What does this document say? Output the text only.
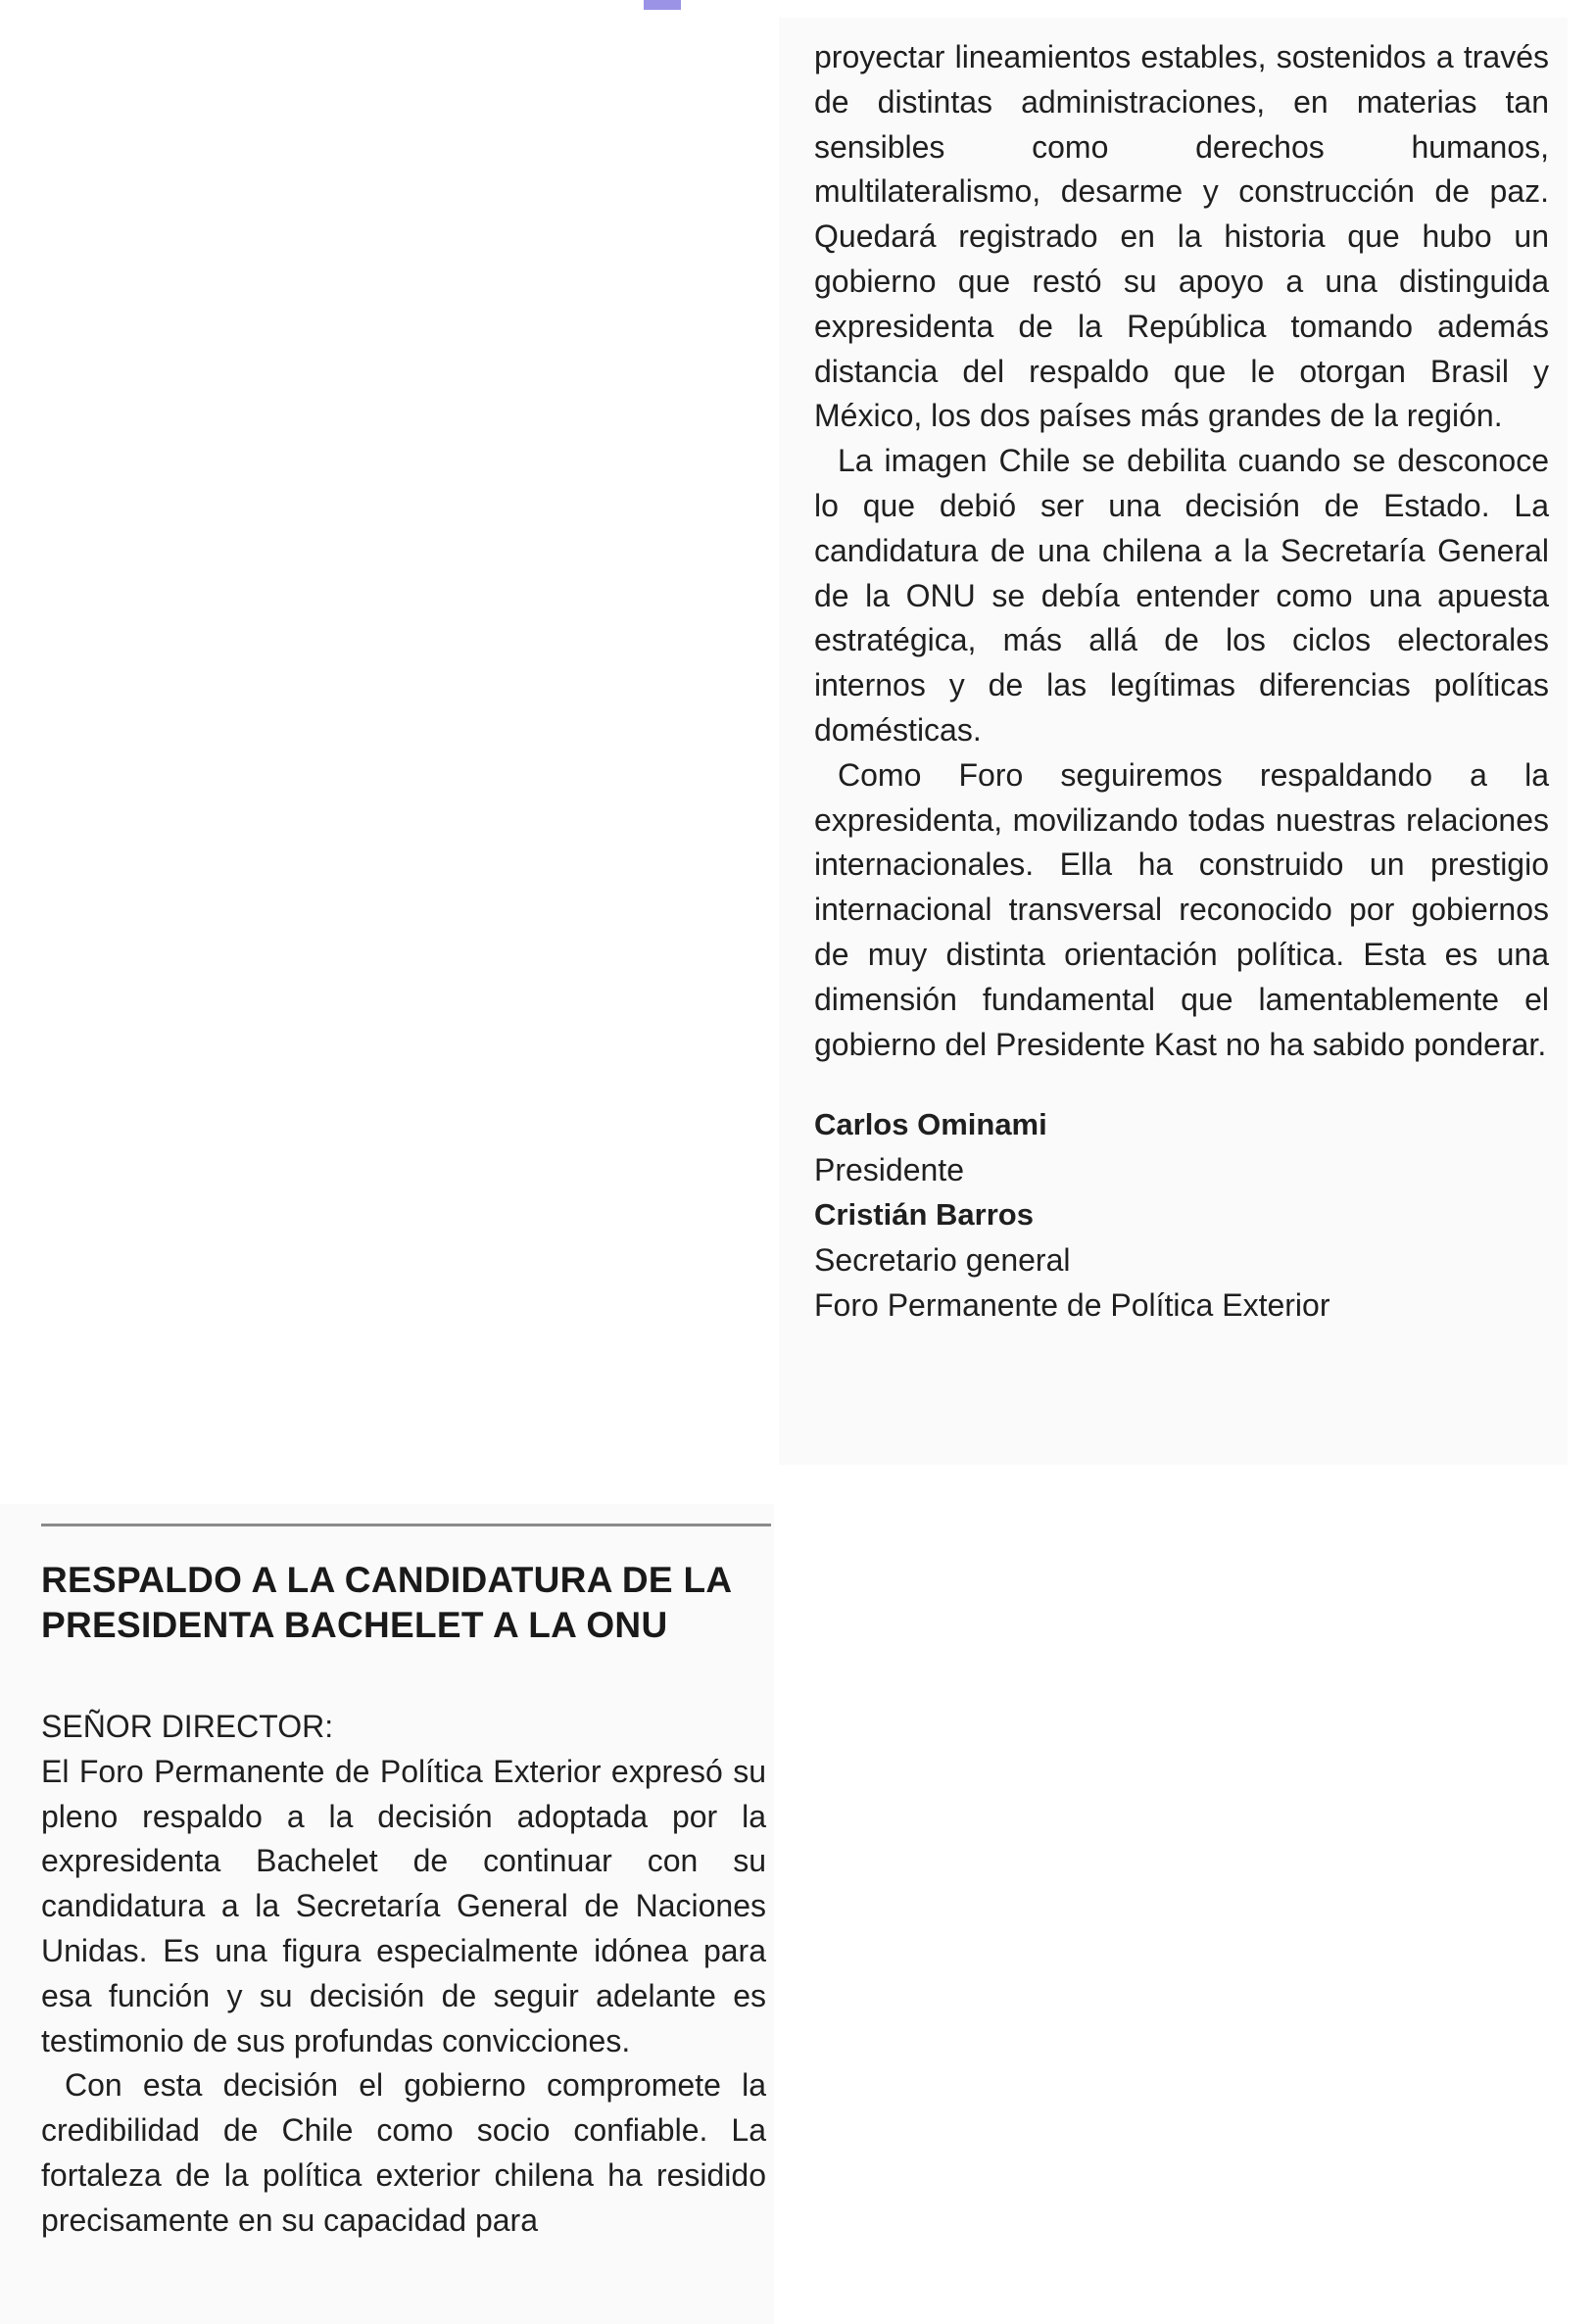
proyectar lineamientos estables, sostenidos a través de distintas administraciones, en materias tan sensibles como derechos humanos, multilateralismo, desarme y construcción de paz. Quedará registrado en la historia que hubo un gobierno que restó su apoyo a una distinguida expresidenta de la República tomando además distancia del respaldo que le otorgan Brasil y México, los dos países más grandes de la región.

La imagen Chile se debilita cuando se desconoce lo que debió ser una decisión de Estado. La candidatura de una chilena a la Secretaría General de la ONU se debía entender como una apuesta estratégica, más allá de los ciclos electorales internos y de las legítimas diferencias políticas domésticas.

Como Foro seguiremos respaldando a la expresidenta, movilizando todas nuestras relaciones internacionales. Ella ha construido un prestigio internacional transversal reconocido por gobiernos de muy distinta orientación política. Esta es una dimensión fundamental que lamentablemente el gobierno del Presidente Kast no ha sabido ponderar.

Carlos Ominami
Presidente
Cristián Barros
Secretario general
Foro Permanente de Política Exterior
RESPALDO A LA CANDIDATURA DE LA PRESIDENTA BACHELET A LA ONU

SEÑOR DIRECTOR:

El Foro Permanente de Política Exterior expresó su pleno respaldo a la decisión adoptada por la expresidenta Bachelet de continuar con su candidatura a la Secretaría General de Naciones Unidas. Es una figura especialmente idónea para esa función y su decisión de seguir adelante es testimonio de sus profundas convicciones.

Con esta decisión el gobierno compromete la credibilidad de Chile como socio confiable. La fortaleza de la política exterior chilena ha residido precisamente en su capacidad para
